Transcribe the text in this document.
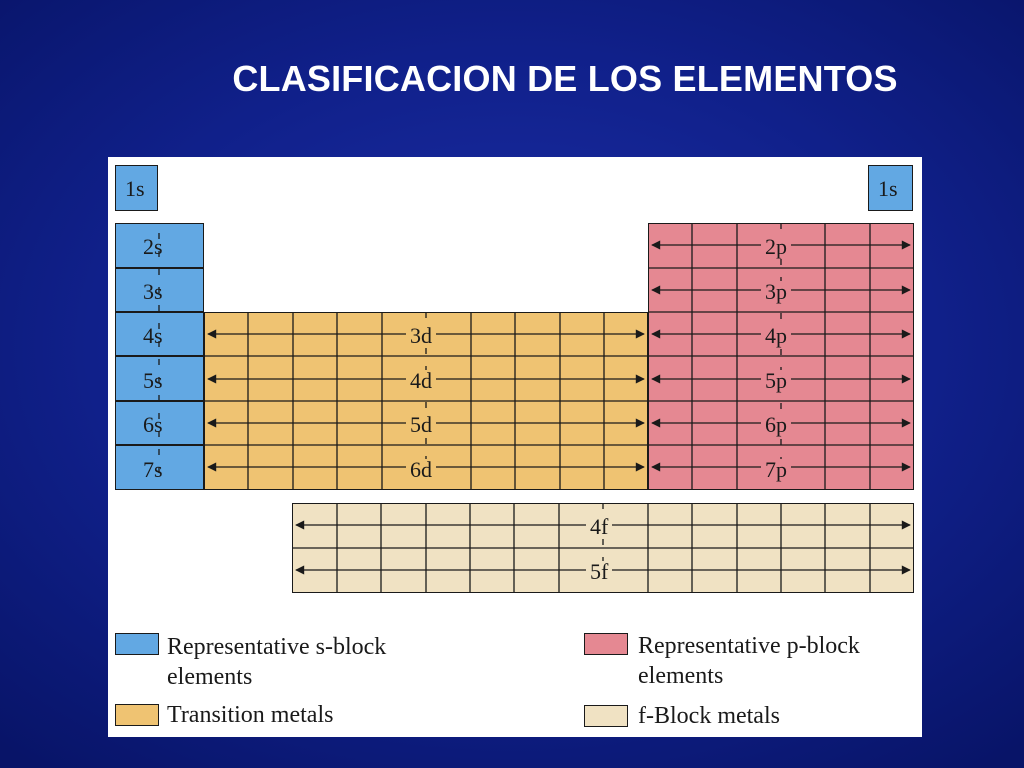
CLASIFICACION DE LOS ELEMENTOS
1s	1s
2s
3s
4s
5s
6s
7s
3d
4d
5d
6d
2p
3p
4p
5p
6p
7p
4f
5f
Representative s-block
elements
Transition metals
Representative p-block
elements
f-Block metals
